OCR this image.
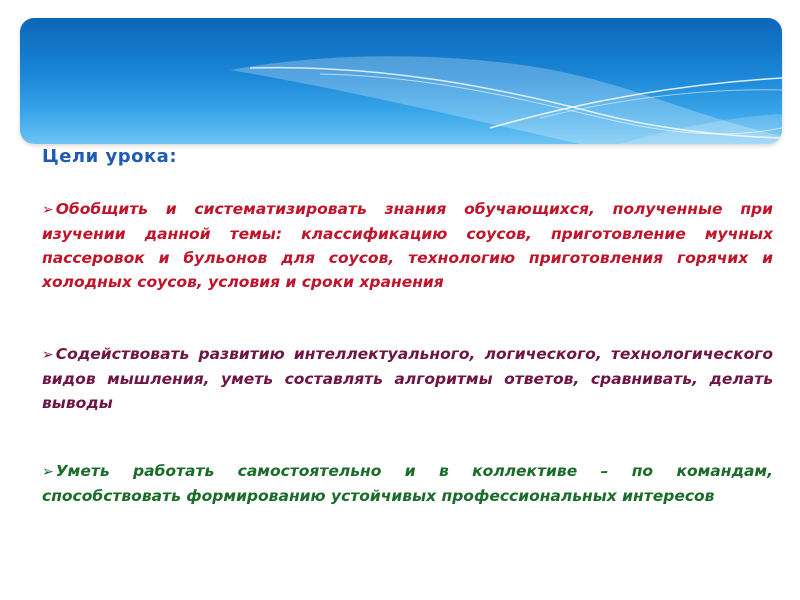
Цели урока:
➢ Обобщить и систематизировать знания обучающихся, полученные при изучении данной темы: классификацию соусов, приготовление мучных пассеровок и бульонов для соусов, технологию приготовления горячих и холодных соусов, условия и сроки хранения
➢ Содействовать развитию интеллектуального, логического, технологического видов мышления, уметь составлять алгоритмы ответов, сравнивать, делать выводы
➢ Уметь работать самостоятельно и в коллективе – по командам, способствовать формированию устойчивых профессиональных интересов
